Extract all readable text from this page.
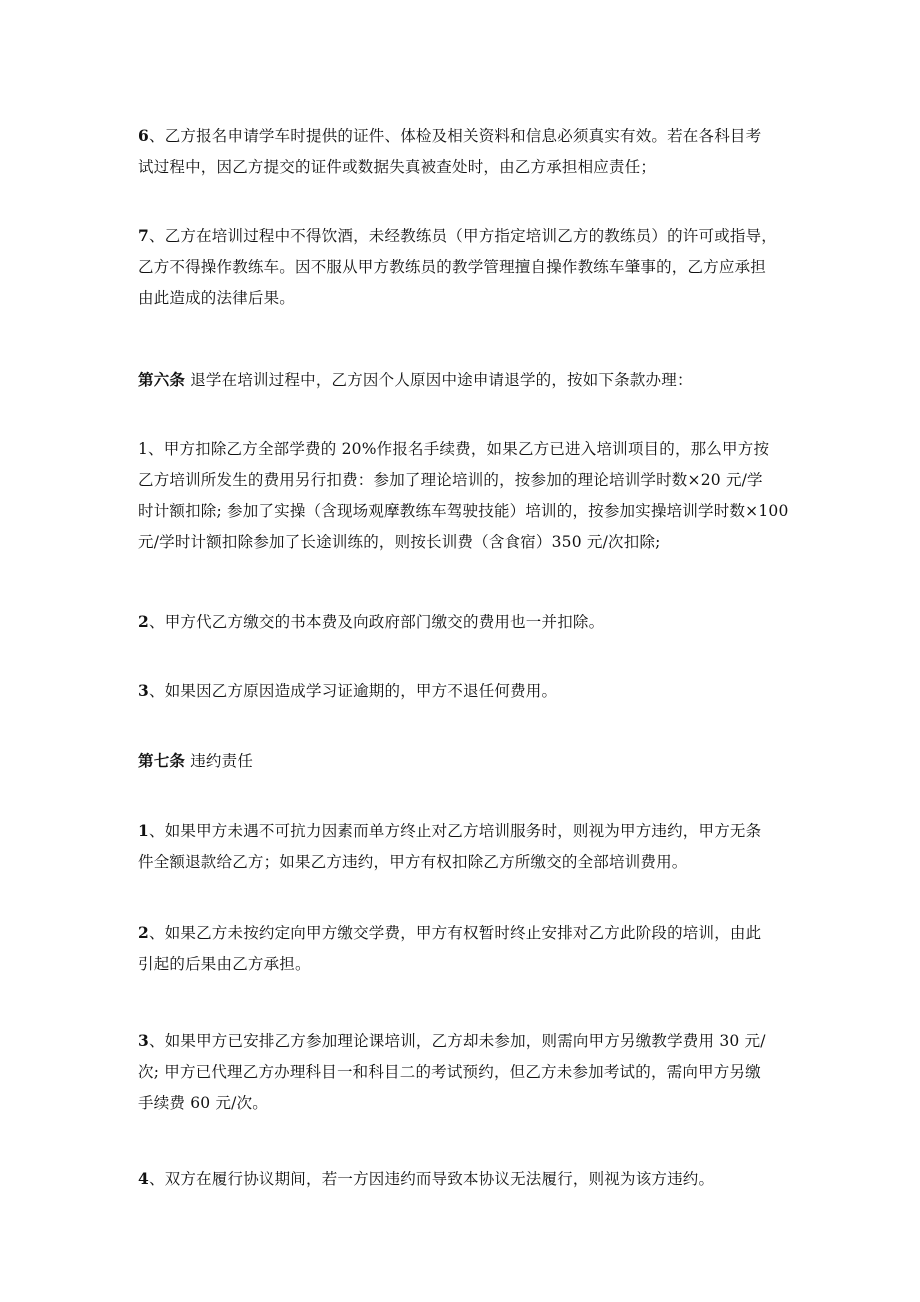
6、乙方报名申请学车时提供的证件、体检及相关资料和信息必须真实有效。若在各科目考
试过程中，因乙方提交的证件或数据失真被查处时，由乙方承担相应责任；

7、乙方在培训过程中不得饮酒，未经教练员（甲方指定培训乙方的教练员）的许可或指导，
乙方不得操作教练车。因不服从甲方教练员的教学管理擅自操作教练车肇事的，乙方应承担
由此造成的法律后果。

第六条 退学在培训过程中，乙方因个人原因中途申请退学的，按如下条款办理：

1、甲方扣除乙方全部学费的 20%作报名手续费，如果乙方已进入培训项目的，那么甲方按
乙方培训所发生的费用另行扣费：参加了理论培训的，按参加的理论培训学时数×20 元/学
时计额扣除; 参加了实操（含现场观摩教练车驾驶技能）培训的，按参加实操培训学时数×100
元/学时计额扣除参加了长途训练的，则按长训费（含食宿）350 元/次扣除;

2、甲方代乙方缴交的书本费及向政府部门缴交的费用也一并扣除。

3、如果因乙方原因造成学习证逾期的，甲方不退任何费用。

第七条 违约责任

1、如果甲方未遇不可抗力因素而单方终止对乙方培训服务时，则视为甲方违约，甲方无条
件全额退款给乙方；如果乙方违约，甲方有权扣除乙方所缴交的全部培训费用。

2、如果乙方未按约定向甲方缴交学费，甲方有权暂时终止安排对乙方此阶段的培训，由此
引起的后果由乙方承担。

3、如果甲方已安排乙方参加理论课培训，乙方却未参加，则需向甲方另缴教学费用 30 元/
次; 甲方已代理乙方办理科目一和科目二的考试预约，但乙方未参加考试的，需向甲方另缴
手续费 60 元/次。

4、双方在履行协议期间，若一方因违约而导致本协议无法履行，则视为该方违约。
